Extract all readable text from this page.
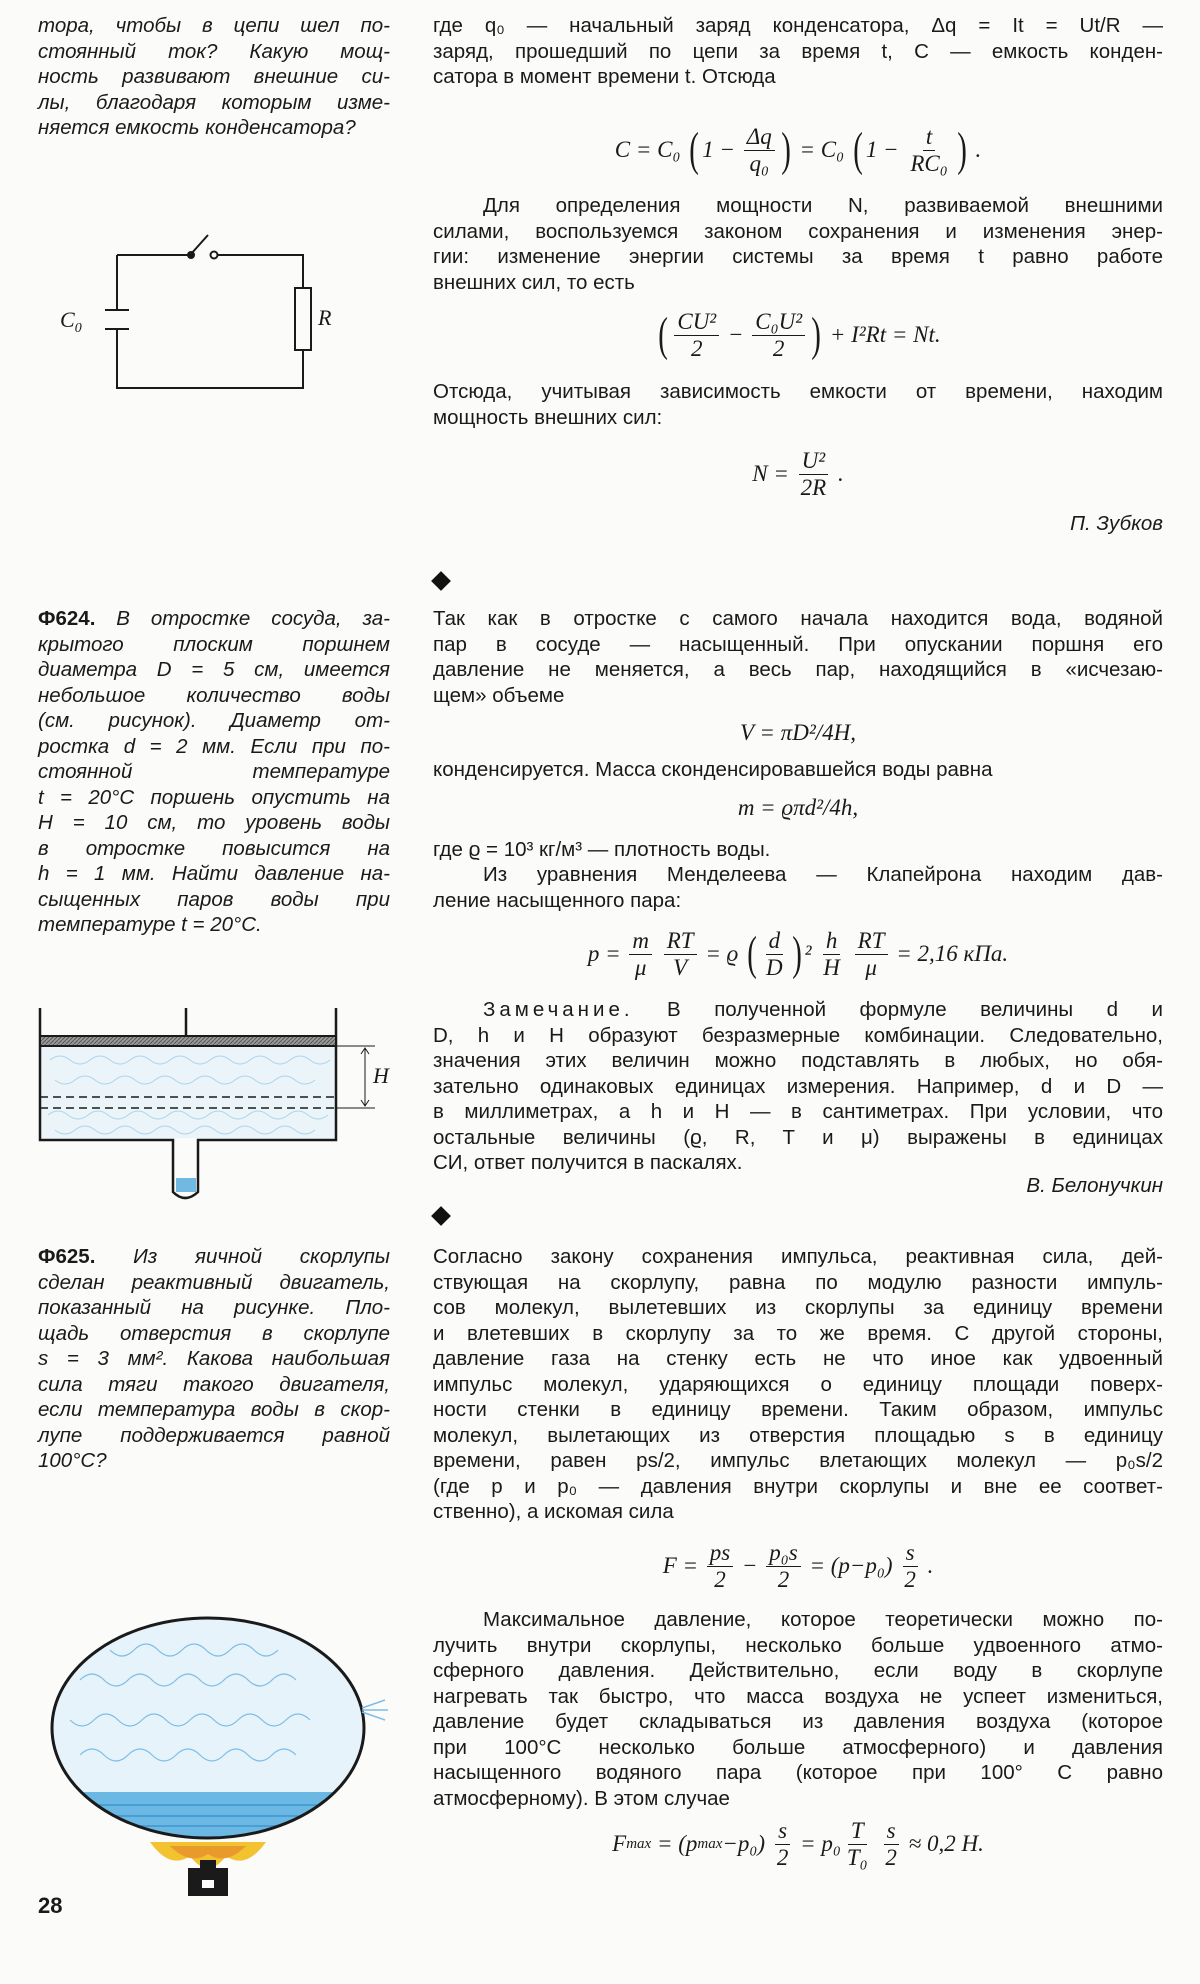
тора, чтобы в цепи шел по-
стоянный ток? Какую мощ-
ность развивают внешние си-
лы, благодаря которым изме-
няется емкость конденсатора?
$C_0$	R
где q₀ — начальный заряд конденсатора, Δq = It = Ut/R —
заряд, прошедший по цепи за время t, C — емкость конден-
сатора в момент времени t. Отсюда
C = C₀ ( $1 - \frac{\Delta q}{\text{q₀}}$ ) = C₀ ( $1 - \frac{t}{\text{RC₀}}$ ) .
Для определения мощности N, развиваемой внешними
силами, воспользуемся законом сохранения и изменения энер-
гии: изменение энергии системы за время t равно работе
внешних сил, то есть
( $\frac{\text{CU²}}{2} - \frac{\text{C₀U²}}{2}$ ) + I²Rt = Nt.
Отсюда, учитывая зависимость емкости от времени, находим
мощность внешних сил:
$N = \frac{\text{U²}}{2R}$ .
П. Зубков
Ф624. В отростке сосуда, за-
крытого плоским поршнем
диаметра D = 5 см, имеется
небольшое количество воды
(см. рисунок). Диаметр от-
ростка d = 2 мм. Если при по-
стоянной температуре
t = 20°C поршень опустить на
H = 10 см, то уровень воды
в отростке повысится на
h = 1 мм. Найти давление на-
сыщенных паров воды при
температуре t = 20°C.
H
Так как в отростке с самого начала находится вода, водяной
пар в сосуде — насыщенный. При опускании поршня его
давление не меняется, а весь пар, находящийся в «исчезаю-
щем» объеме
V = πD²/4H,
конденсируется. Масса сконденсировавшейся воды равна
m = ϱπd²/4h,
где ϱ = 10³ кг/м³ — плотность воды.
Из уравнения Менделеева — Клапейрона находим дав-
ление насыщенного пара:
$p = \frac{m}{\mu}$
$\frac{RT}{V} = ϱ$ ( $\frac{d}{D}$ ) $^2 \frac{h}{H}$
$\frac{RT}{\mu} = 2,16$ кПа.
Замечание. В полученной формуле величины d и
D, h и H образуют безразмерные комбинации. Следовательно,
значения этих величин можно подставлять в любых, но обя-
зательно одинаковых единицах измерения. Например, d и D —
в миллиметрах, а h и H — в сантиметрах. При условии, что
остальные величины (ϱ, R, T и μ) выражены в единицах
СИ, ответ получится в паскалях.
В. Белонучкин
Ф625. Из яичной скорлупы
сделан реактивный двигатель,
показанный на рисунке. Пло-
щадь отверстия в скорлупе
s = 3 мм². Какова наибольшая
сила тяги такого двигателя,
если температура воды в скор-
лупе поддерживается равной
100°C?
Согласно закону сохранения импульса, реактивная сила, дей-
ствующая на скорлупу, равна по модулю разности импуль-
сов молекул, вылетевших из скорлупы за единицу времени
и влетевших в скорлупу за то же время. С другой стороны,
давление газа на стенку есть не что иное как удвоенный
импульс молекул, ударяющихся о единицу площади поверх-
ности стенки в единицу времени. Таким образом, импульс
молекул, вылетающих из отверстия площадью s в единицу
времени, равен ps/2, импульс влетающих молекул — p₀s/2
(где p и p₀ — давления внутри скорлупы и вне ее соответ-
ственно), а искомая сила
$F = \frac{ps}{2} - \frac{\text{p₀s}}{2} = (p-p_0) \frac{s}{2}$ .
Максимальное давление, которое теоретически можно по-
лучить внутри скорлупы, несколько больше удвоенного атмо-
сферного давления. Действительно, если воду в скорлупе
нагревать так быстро, что масса воздуха не успеет измениться,
давление будет складываться из давления воздуха (которое
при 100°C несколько больше атмосферного) и давления
насыщенного водяного пара (которое при 100° C равно
атмосферному). В этом случае
F max = (p $\max -p_0) \frac{s}{2} = p_0 \frac{T}{\text{T₀}}$
$\frac{s}{2} \approx 0,2$ Н.
28
